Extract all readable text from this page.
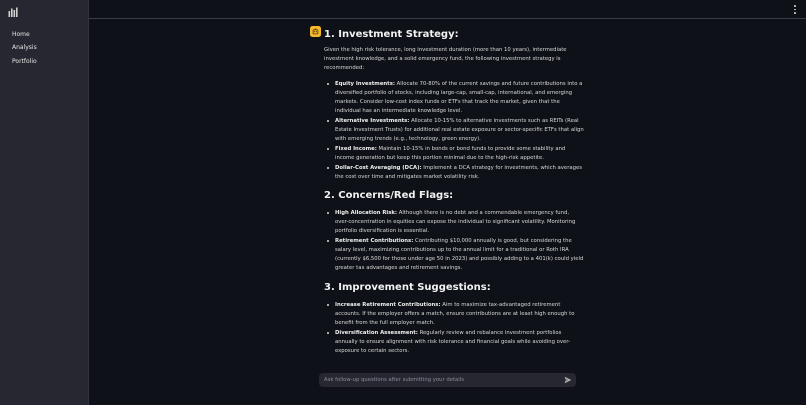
Home
Analysis
Portfolio
1. Investment Strategy:
Given the high risk tolerance, long investment duration (more than 10 years), intermediate investment knowledge, and a solid emergency fund, the following investment strategy is recommended:
Equity Investments: Allocate 70-80% of the current savings and future contributions into a diversified portfolio of stocks, including large-cap, small-cap, international, and emerging markets. Consider low-cost index funds or ETFs that track the market, given that the individual has an intermediate knowledge level.
Alternative Investments: Allocate 10-15% to alternative investments such as REITs (Real Estate Investment Trusts) for additional real estate exposure or sector-specific ETFs that align with emerging trends (e.g., technology, green energy).
Fixed Income: Maintain 10-15% in bonds or bond funds to provide some stability and income generation but keep this portion minimal due to the high-risk appetite.
Dollar-Cost Averaging (DCA): Implement a DCA strategy for investments, which averages the cost over time and mitigates market volatility risk.
2. Concerns/Red Flags:
High Allocation Risk: Although there is no debt and a commendable emergency fund, over-concentration in equities can expose the individual to significant volatility. Monitoring portfolio diversification is essential.
Retirement Contributions: Contributing $10,000 annually is good, but considering the salary level, maximizing contributions up to the annual limit for a traditional or Roth IRA (currently $6,500 for those under age 50 in 2023) and possibly adding to a 401(k) could yield greater tax advantages and retirement savings.
3. Improvement Suggestions:
Increase Retirement Contributions: Aim to maximize tax-advantaged retirement accounts. If the employer offers a match, ensure contributions are at least high enough to benefit from the full employer match.
Diversification Assessment: Regularly review and rebalance investment portfolios annually to ensure alignment with risk tolerance and financial goals while avoiding over-exposure to certain sectors.
Ask follow-up questions after submitting your details
